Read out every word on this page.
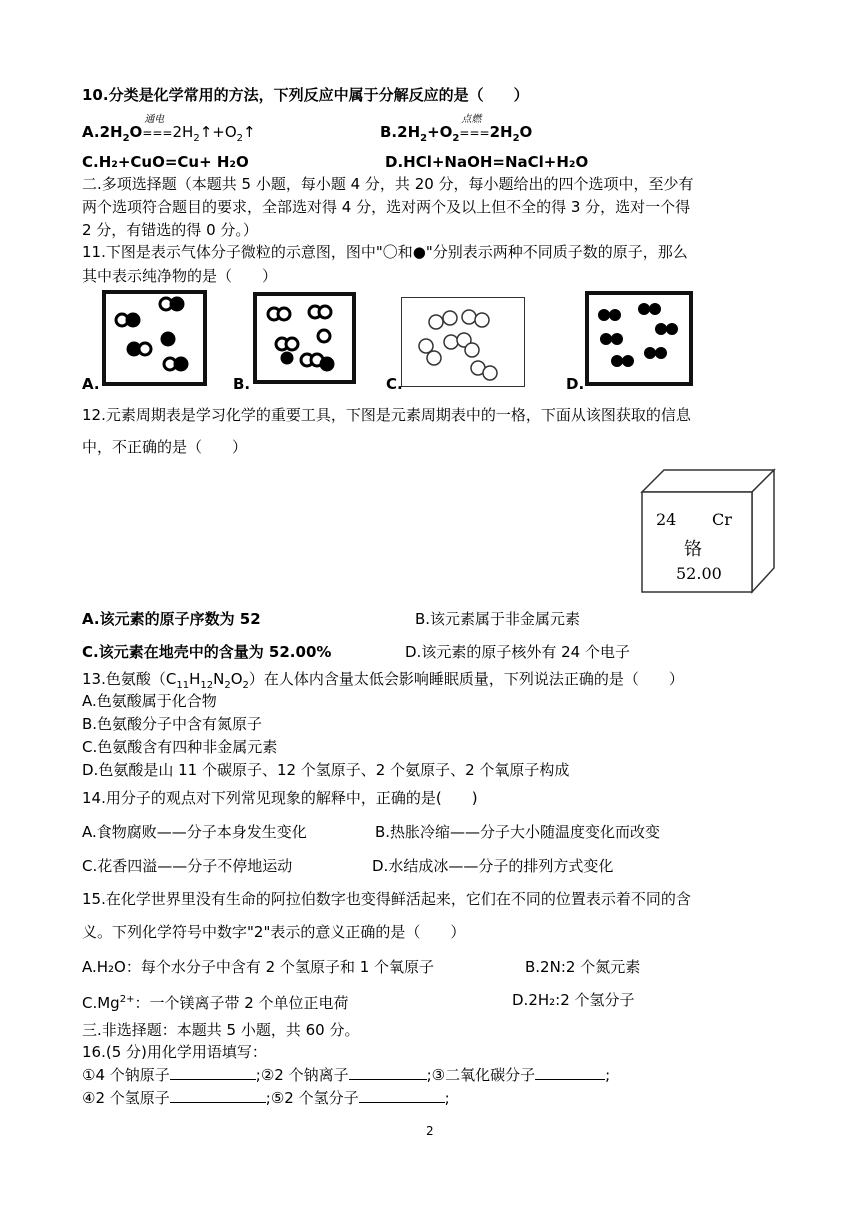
10.分类是化学常用的方法，下列反应中属于分解反应的是（　　）
$A.2H_2O$
通电
$===2H_2↑+O_2↑$	$B.2H_2+O_2$
点燃
$===2H_2O$
C.H₂+CuO=Cu+ H₂O	D.HCl+NaOH=NaCl+H₂O
二.多项选择题（本题共 5 小题，每小题 4 分，共 20 分，每小题给出的四个选项中，至少有
两个选项符合题目的要求，全部选对得 4 分，选对两个及以上但不全的得 3 分，选对一个得
2 分，有错选的得 0 分。）
11.下图是表示气体分子微粒的示意图，图中"〇和●"分别表示两种不同质子数的原子，那么
其中表示纯净物的是（　　）
A.	B.	C.	D.
12.元素周期表是学习化学的重要工具，下图是元素周期表中的一格，下面从该图获取的信息
中，不正确的是（　　）
24 Cr
铬
52.00
A.该元素的原子序数为 52	B.该元素属于非金属元素
C.该元素在地壳中的含量为 52.00%	D.该元素的原子核外有 24 个电子
13.色氨酸$(C_{11}H_{12}N_2O_2)$在人体内含量太低会影响睡眠质量，下列说法正确的是（　　）
A.色氨酸属于化合物
B.色氨酸分子中含有氮原子
C.色氨酸含有四种非金属元素
D.色氨酸是山 11 个碳原子、12 个氢原子、2 个氨原子、2 个氧原子构成
14.用分子的观点对下列常见现象的解释中，正确的是(　　)
A.食物腐败——分子本身发生变化	B.热胀冷缩——分子大小随温度变化而改变
C.花香四溢——分子不停地运动	D.水结成冰——分子的排列方式变化
15.在化学世界里没有生命的阿拉伯数字也变得鲜活起来，它们在不同的位置表示着不同的含
义。下列化学符号中数字"2"表示的意义正确的是（　　）
A.H₂O：每个水分子中含有 2 个氢原子和 1 个氧原子	B.2N:2 个氮元素
$C.Mg^{2+}$：一个镁离子带 2 个单位正电荷	D.2H₂:2 个氢分子
三.非选择题：本题共 5 小题，共 60 分。
16.(5 分)用化学用语填写：
①4 个钠原子	;②2 个钠离子	;③二氧化碳分子	;
④2 个氢原子	;⑤2 个氢分子	;
2
